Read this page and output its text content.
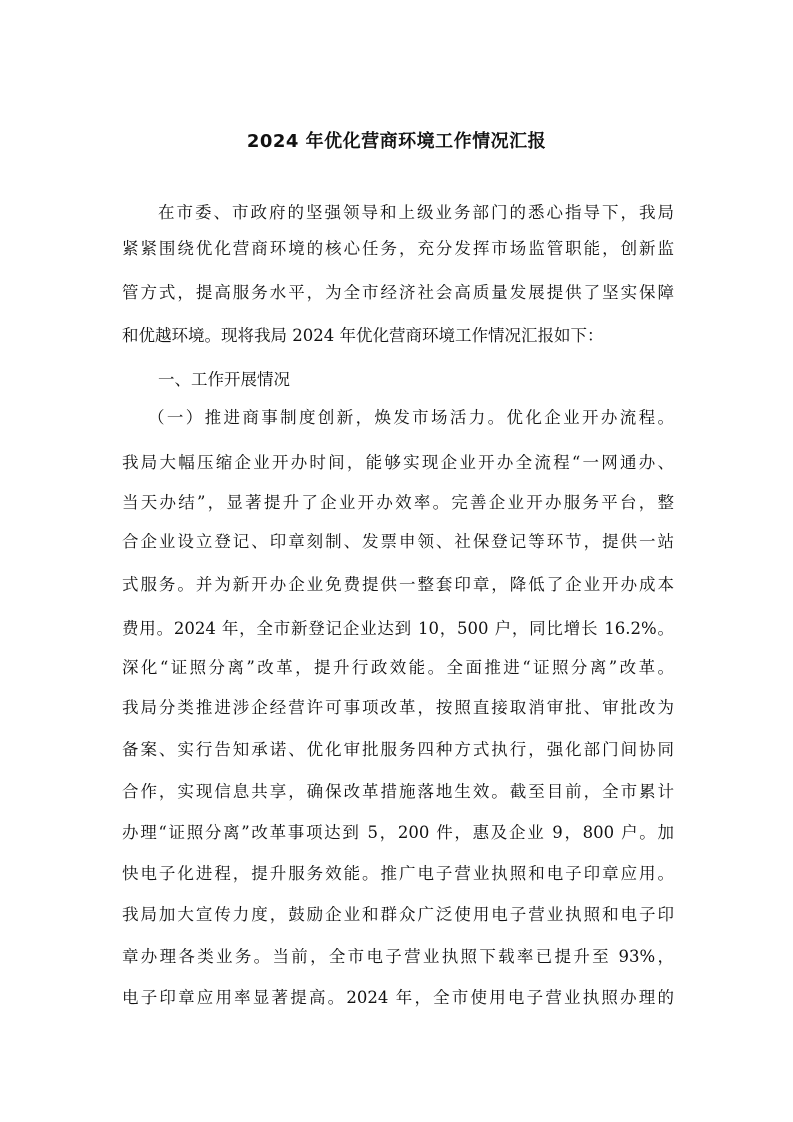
2024 年优化营商环境工作情况汇报
在市委、市政府的坚强领导和上级业务部门的悉心指导下，我局
紧紧围绕优化营商环境的核心任务，充分发挥市场监管职能，创新监
管方式，提高服务水平，为全市经济社会高质量发展提供了坚实保障
和优越环境。现将我局 2024 年优化营商环境工作情况汇报如下：
一、工作开展情况
（一）推进商事制度创新，焕发市场活力。优化企业开办流程。
我局大幅压缩企业开办时间，能够实现企业开办全流程“一网通办、
当天办结”，显著提升了企业开办效率。完善企业开办服务平台，整
合企业设立登记、印章刻制、发票申领、社保登记等环节，提供一站
式服务。并为新开办企业免费提供一整套印章，降低了企业开办成本
费用。2024 年，全市新登记企业达到 10，500 户，同比增长 16.2%。
深化“证照分离”改革，提升行政效能。全面推进“证照分离”改革。
我局分类推进涉企经营许可事项改革，按照直接取消审批、审批改为
备案、实行告知承诺、优化审批服务四种方式执行，强化部门间协同
合作，实现信息共享，确保改革措施落地生效。截至目前，全市累计
办理“证照分离”改革事项达到 5，200 件，惠及企业 9，800 户。加
快电子化进程，提升服务效能。推广电子营业执照和电子印章应用。
我局加大宣传力度，鼓励企业和群众广泛使用电子营业执照和电子印
章办理各类业务。当前，全市电子营业执照下载率已提升至 93%，
电子印章应用率显著提高。2024 年，全市使用电子营业执照办理的
